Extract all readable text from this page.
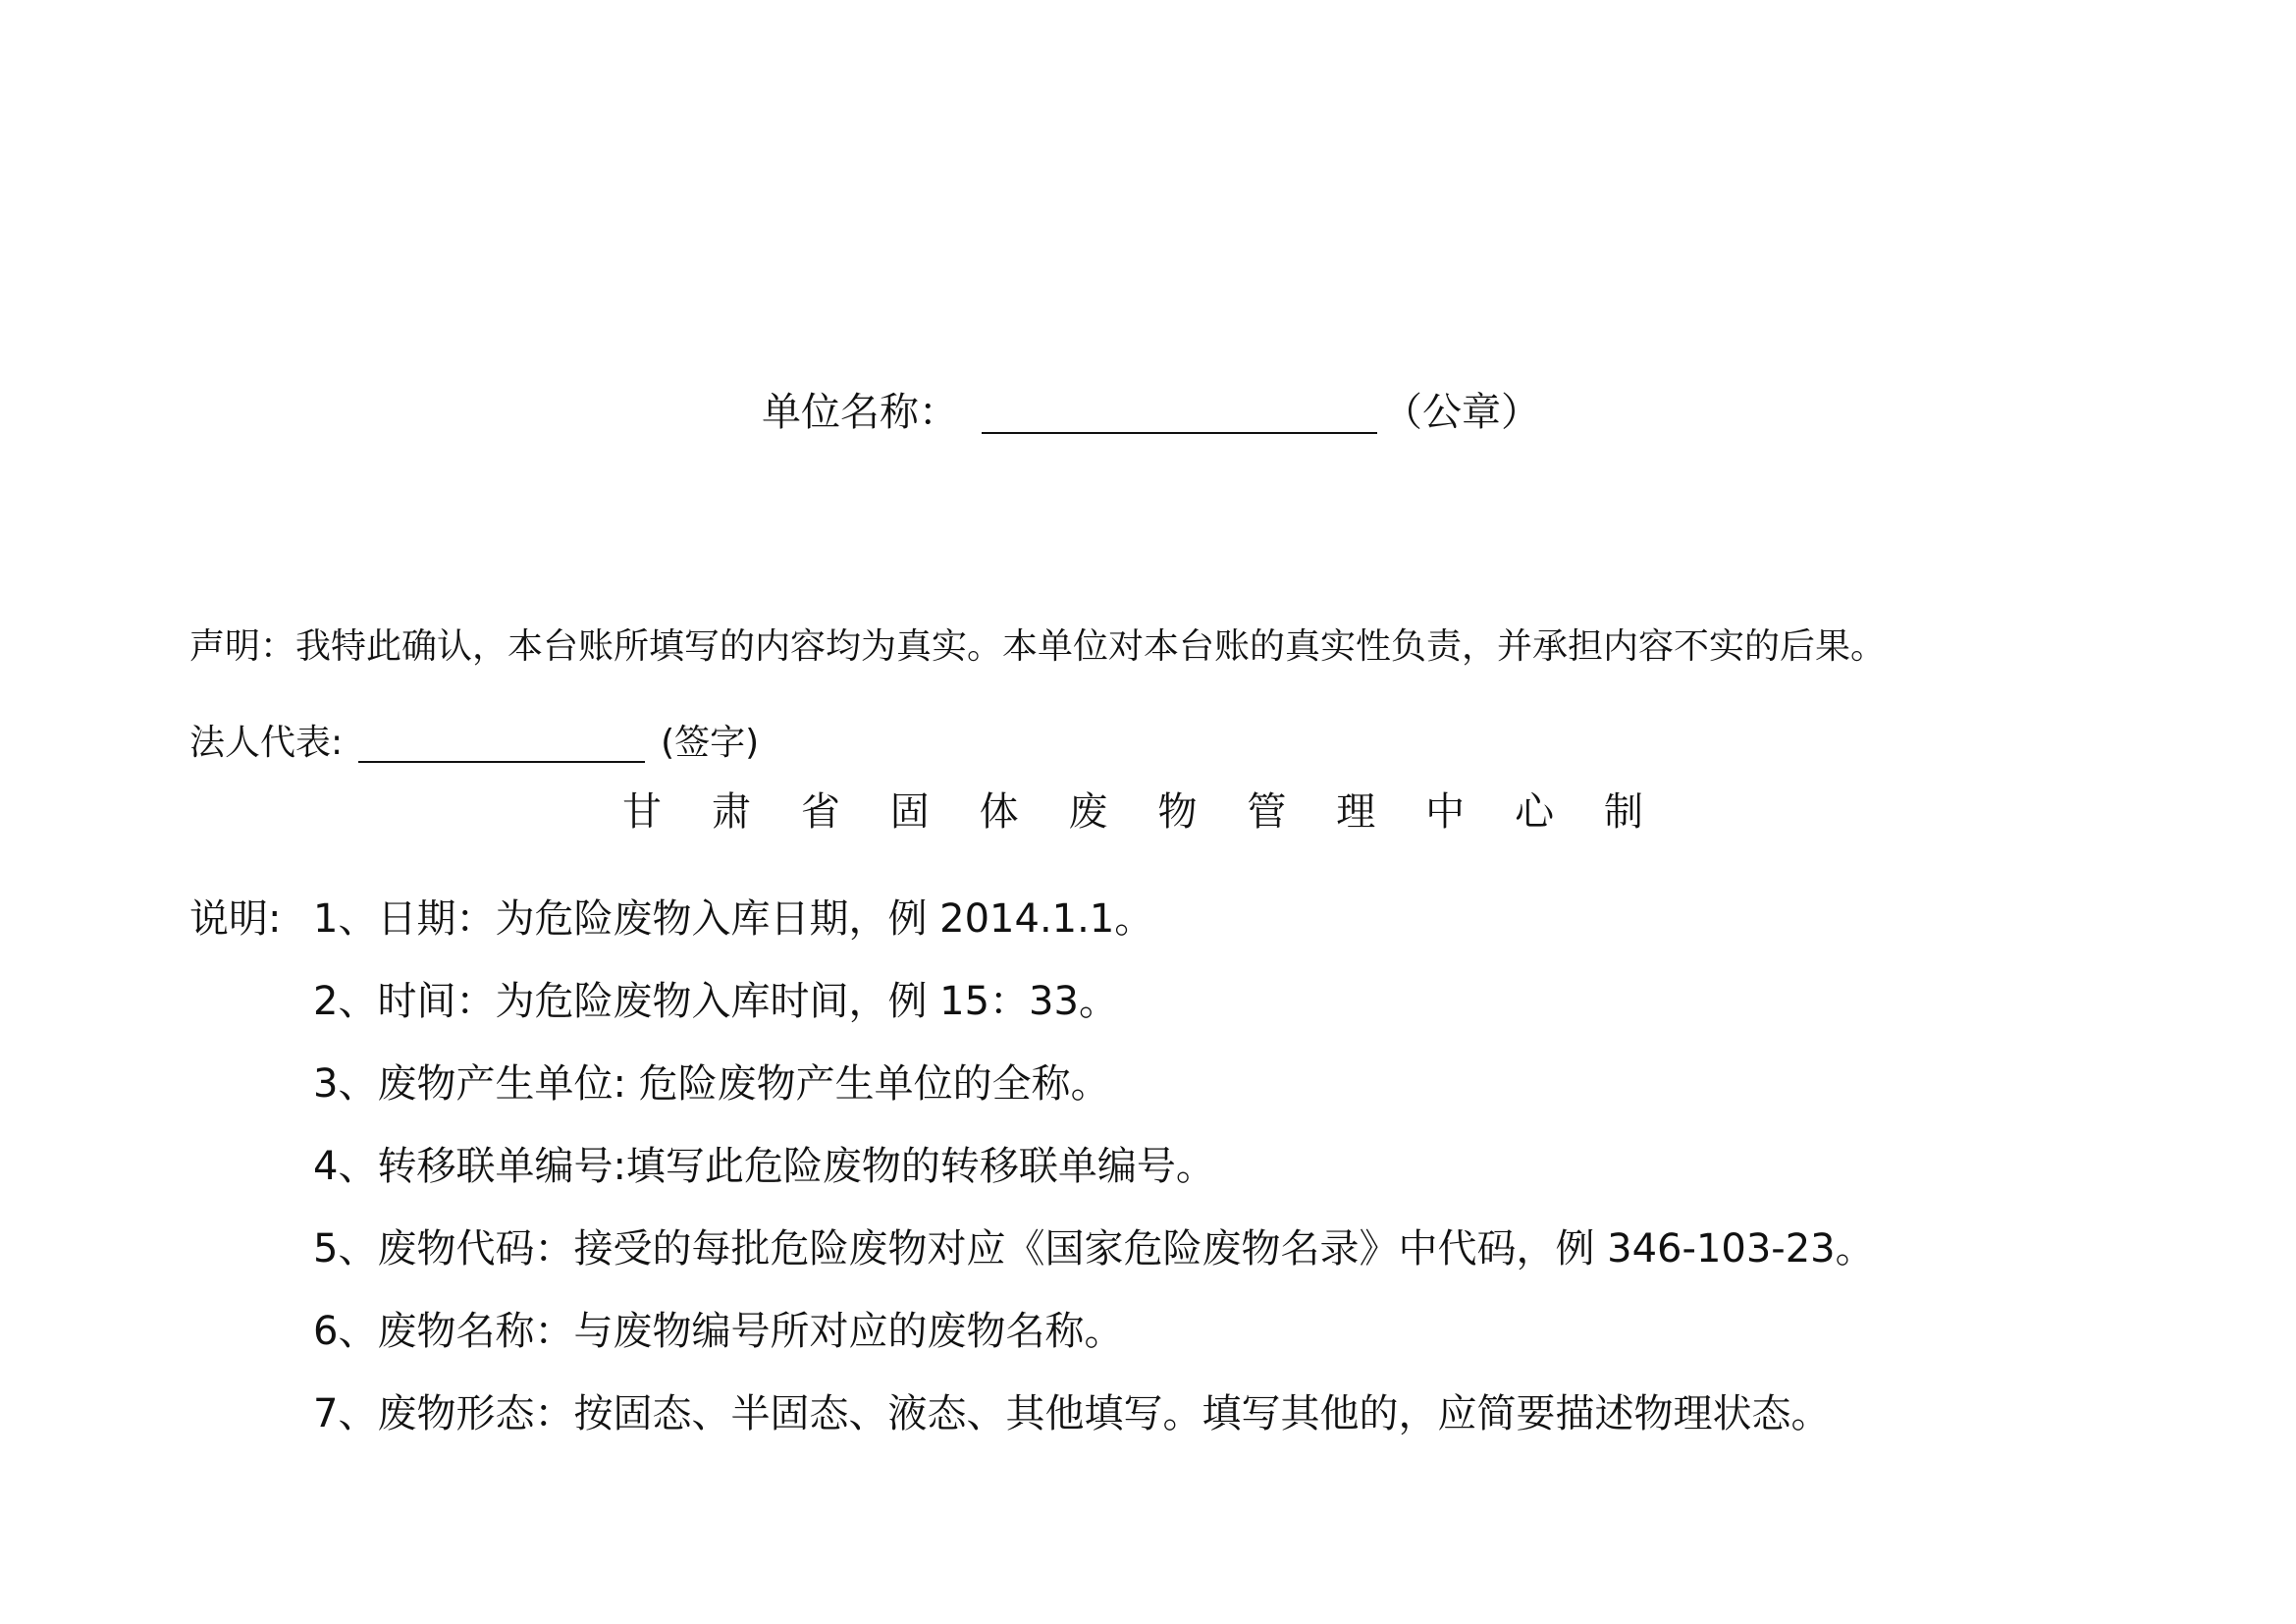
单位名称：	（公章）
声明：我特此确认，本台账所填写的内容均为真实。本单位对本台账的真实性负责，并承担内容不实的后果。
法人代表:	(签字)
甘 肃 省 固 体 废 物 管 理 中 心 制
说明: 1、日期：为危险废物入库日期，例 2014.1.1。
2、时间：为危险废物入库时间，例 15：33。
3、废物产生单位: 危险废物产生单位的全称。
4、转移联单编号:填写此危险废物的转移联单编号。
5、废物代码：接受的每批危险废物对应《国家危险废物名录》中代码，例 346-103-23。
6、废物名称：与废物编号所对应的废物名称。
7、废物形态：按固态、半固态、液态、其他填写。填写其他的，应简要描述物理状态。
